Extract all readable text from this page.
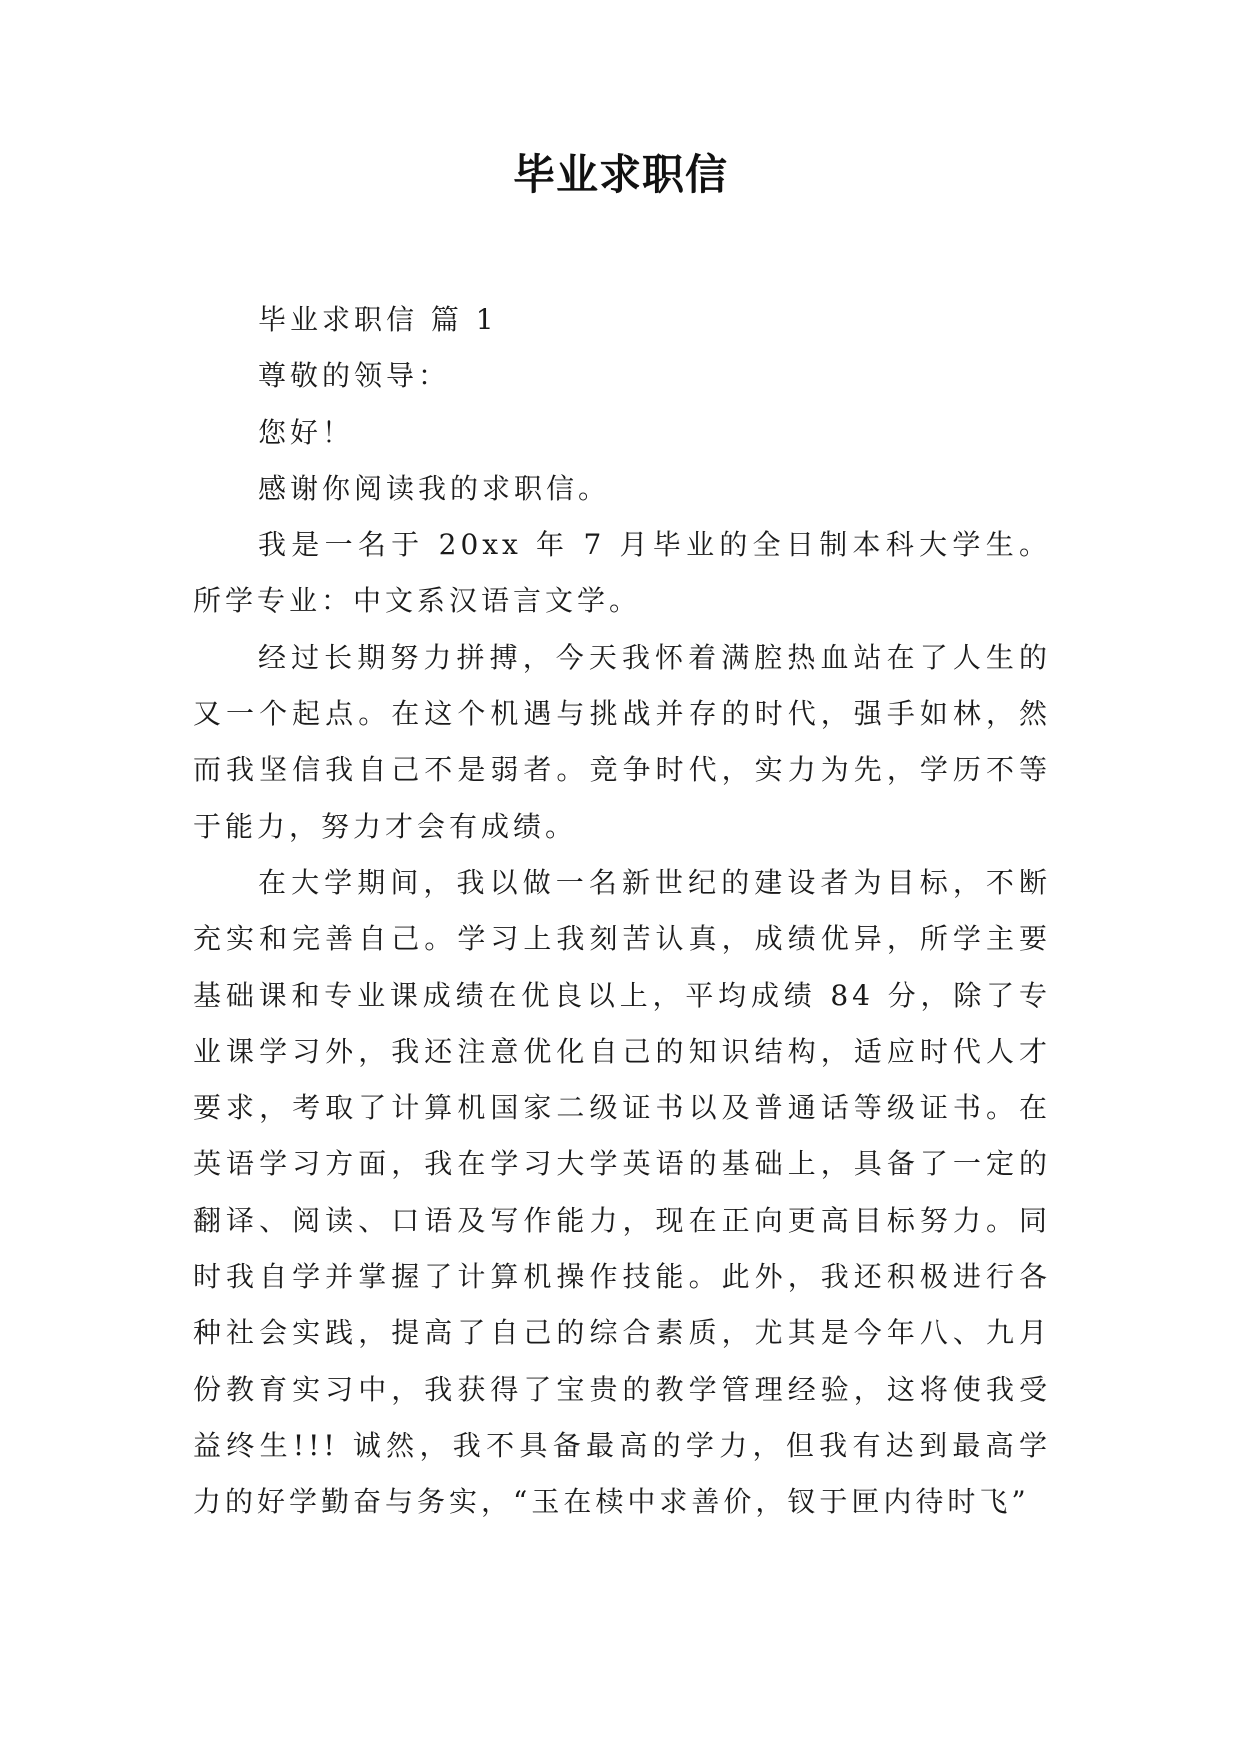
毕业求职信

毕业求职信 篇 1

尊敬的领导：

您好！

感谢你阅读我的求职信。

我是一名于 20xx 年 7 月毕业的全日制本科大学生。所学专业：中文系汉语言文学。

经过长期努力拼搏，今天我怀着满腔热血站在了人生的又一个起点。在这个机遇与挑战并存的时代，强手如林，然而我坚信我自己不是弱者。竞争时代，实力为先，学历不等于能力，努力才会有成绩。

在大学期间，我以做一名新世纪的建设者为目标，不断充实和完善自己。学习上我刻苦认真，成绩优异，所学主要基础课和专业课成绩在优良以上，平均成绩 84 分，除了专业课学习外，我还注意优化自己的知识结构，适应时代人才要求，考取了计算机国家二级证书以及普通话等级证书。在英语学习方面，我在学习大学英语的基础上，具备了一定的翻译、阅读、口语及写作能力，现在正向更高目标努力。同时我自学并掌握了计算机操作技能。此外，我还积极进行各种社会实践，提高了自己的综合素质，尤其是今年八、九月份教育实习中，我获得了宝贵的教学管理经验，这将使我受益终生!!! 诚然，我不具备最高的学力，但我有达到最高学力的好学勤奋与务实，“玉在椟中求善价，钗于匣内待时飞”
